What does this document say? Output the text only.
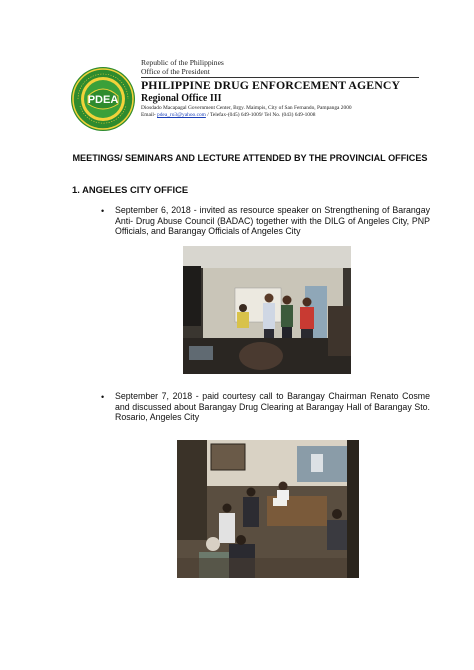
PDEA
Republic of the Philippines
Office of the President
PHILIPPINE DRUG ENFORCEMENT AGENCY
Regional Office III
Diosdado Macapagal Government Center, Brgy. Maimpis, City of San Fernando, Pampanga 2000
Email- pdea_ro3@yahoo.com / Telefax-(045) 649-1009/ Tel No. (043) 649-1008
MEETINGS/ SEMINARS AND LECTURE ATTENDED BY THE PROVINCIAL OFFICES
1. ANGELES CITY OFFICE
• September 6, 2018 - invited as resource speaker on Strengthening of Barangay Anti- Drug Abuse Council (BADAC) together with the DILG of Angeles City, PNP Officials, and Barangay Officials of Angeles City
• September 7, 2018 - paid courtesy call to Barangay Chairman Renato Cosme and discussed about Barangay Drug Clearing at Barangay Hall of Barangay Sto. Rosario, Angeles City
